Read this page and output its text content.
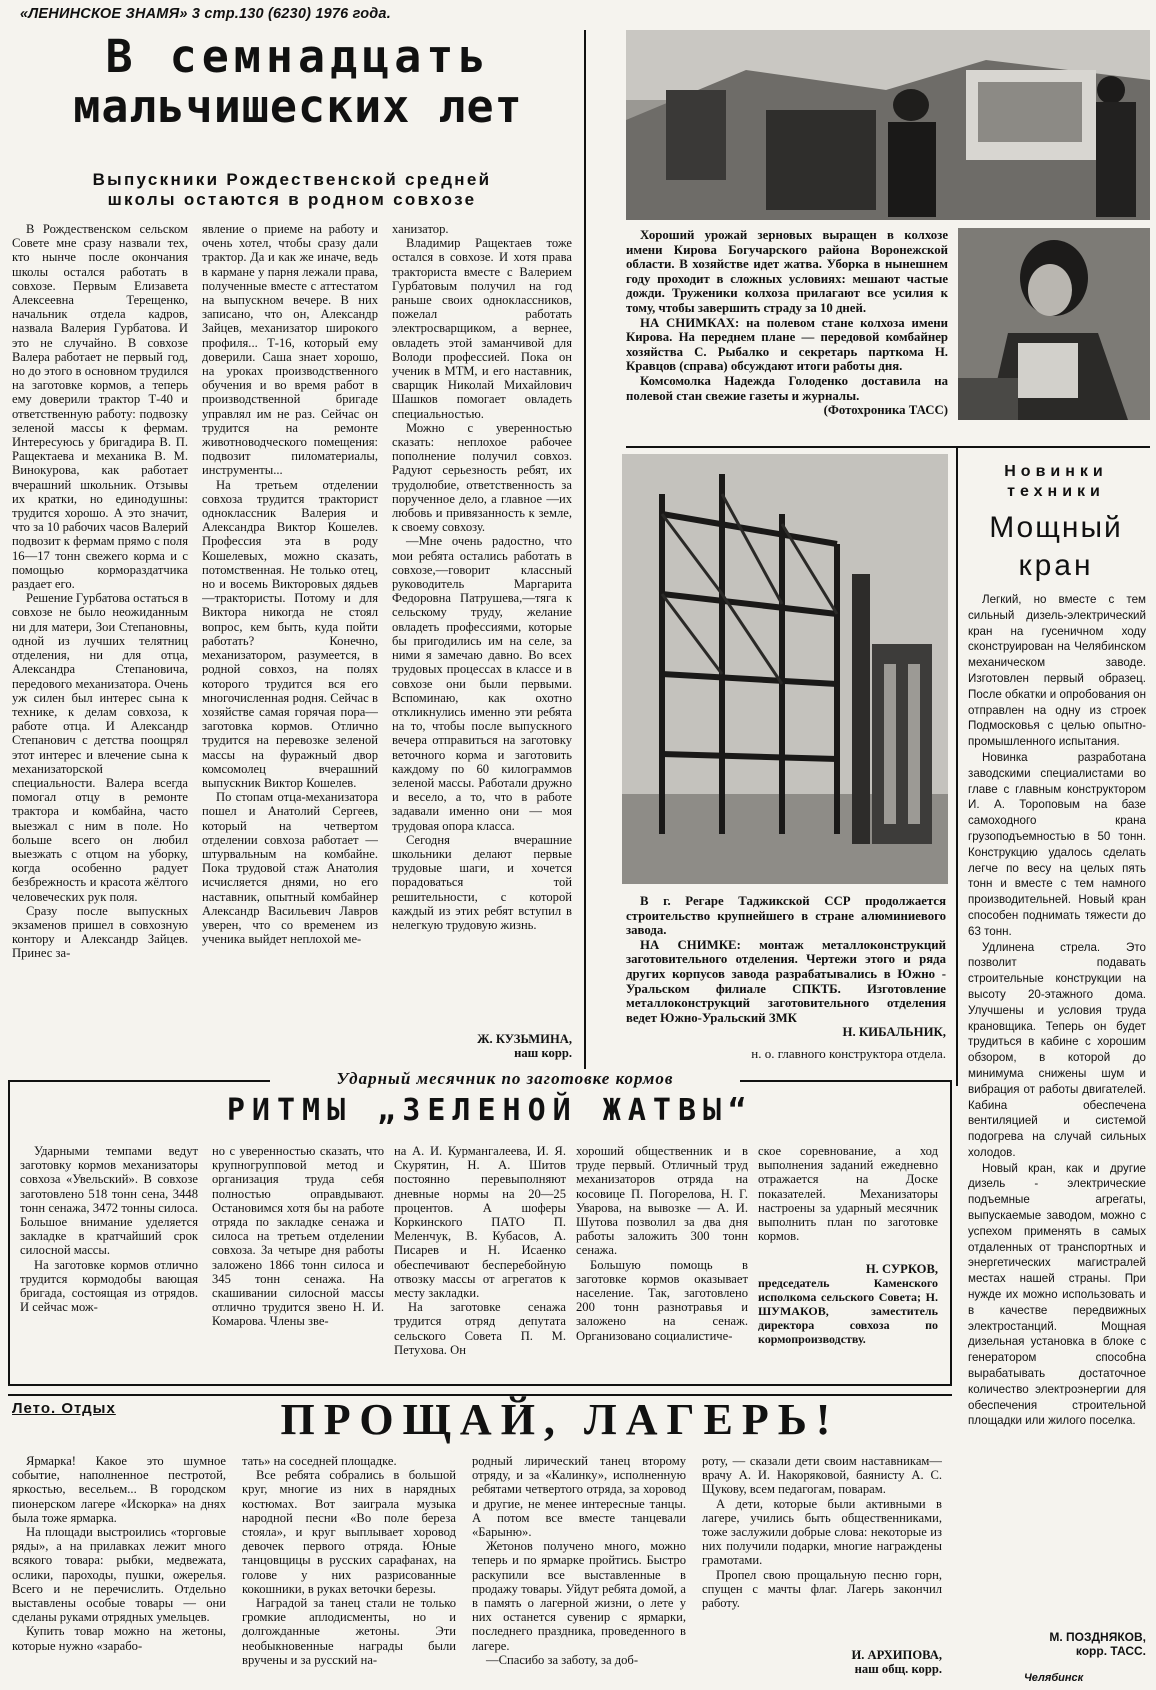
«ЛЕНИНСКОЕ ЗНАМЯ» 3 стр.130 (6230) 1976 года.
В семнадцать
мальчишеских лет
Выпускники Рождественской средней
школы остаются в родном совхозе

В Рождественском сельском Совете мне сразу назвали тех, кто нынче после окончания школы остался работать в совхозе. Первым Елизавета Алексеевна Терещенко, начальник отдела кадров, назвала Валерия Гурбатова. И это не случайно. В совхозе Валера работает не первый год, но до этого в основном трудился на заготовке кормов, а теперь ему доверили трактор Т-40 и ответственную работу: подвозку зеленой массы к фермам. Интересуюсь у бригадира В. П. Ращектаева и механика В. М. Винокурова, как работает вчерашний школьник. Отзывы их кратки, но единодушны: трудится хорошо. А это значит, что за 10 рабочих часов Валерий подвозит к фермам прямо с поля 16—17 тонн свежего корма и с помощью кормораздатчика раздает его.

Решение Гурбатова остаться в совхозе не было неожиданным ни для матери, Зои Степановны, одной из лучших телятниц отделения, ни для отца, Александра Степановича, передового механизатора. Очень уж силен был интерес сына к технике, к делам совхоза, к работе отца. И Александр Степанович с детства поощрял этот интерес и влечение сына к механизаторской специальности. Валера всегда помогал отцу в ремонте трактора и комбайна, часто выезжал с ним в поле. Но больше всего он любил выезжать с отцом на уборку, когда особенно радует безбрежность и красота жёлтого человеческих рук поля.

Сразу после выпускных экзаменов пришел в совхозную контору и Александр Зайцев. Принес за-

явление о приеме на работу и очень хотел, чтобы сразу дали трактор. Да и как же иначе, ведь в кармане у парня лежали права, полученные вместе с аттестатом на выпускном вечере. В них записано, что он, Александр Зайцев, механизатор широкого профиля... Т-16, который ему доверили. Саша знает хорошо, на уроках производственного обучения и во время работ в производственной бригаде управлял им не раз. Сейчас он трудится на ремонте животноводческого помещения: подвозит пиломатериалы, инструменты...

На третьем отделении совхоза трудится тракторист одноклассник Валерия и Александра Виктор Кошелев. Профессия эта в роду Кошелевых, можно сказать, потомственная. Не только отец, но и восемь Викторовых дядьев—трактористы. Потому и для Виктора никогда не стоял вопрос, кем быть, куда пойти работать? Конечно, механизатором, разумеется, в родной совхоз, на полях которого трудится вся его многочисленная родня. Сейчас в хозяйстве самая горячая пора— заготовка кормов. Отлично трудится на перевозке зеленой массы на фуражный двор комсомолец вчерашний выпускник Виктор Кошелев.

По стопам отца-механизатора пошел и Анатолий Сергеев, который на четвертом отделении совхоза работает — штурвальным на комбайне. Пока трудовой стаж Анатолия исчисляется днями, но его наставник, опытный комбайнер Александр Васильевич Лавров уверен, что со временем из ученика выйдет неплохой ме-

ханизатор.

Владимир Ращектаев тоже остался в совхозе. И хотя права тракториста вместе с Валерием Гурбатовым получил на год раньше своих одноклассников, пожелал работать электросварщиком, а вернее, овладеть этой заманчивой для Володи профессией. Пока он ученик в МТМ, и его наставник, сварщик Николай Михайлович Шашков помогает овладеть специальностью.

Можно с уверенностью сказать: неплохое рабочее пополнение получил совхоз. Радуют серьезность ребят, их трудолюбие, ответственность за порученное дело, а главное —их любовь и привязанность к земле, к своему совхозу.

—Мне очень радостно, что мои ребята остались работать в совхозе,—говорит классный руководитель Маргарита Федоровна Патрушева,—тяга к сельскому труду, желание овладеть профессиями, которые бы пригодились им на селе, за ними я замечаю давно. Во всех трудовых процессах в классе и в совхозе они были первыми. Вспоминаю, как охотно откликнулись именно эти ребята на то, чтобы после выпускного вечера отправиться на заготовку веточного корма и заготовить каждому по 60 килограммов зеленой массы. Работали дружно и весело, а то, что в работе задавали именно они — моя трудовая опора класса.

Сегодня вчерашние школьники делают первые трудовые шаги, и хочется порадоваться той решительности, с которой каждый из этих ребят вступил в нелегкую трудовую жизнь.

Ж. КУЗЬМИНА,
наш корр.

Хороший урожай зерновых выращен в колхозе имени Кирова Богучарского района Воронежской области. В хозяйстве идет жатва. Уборка в нынешнем году проходит в сложных условиях: мешают частые дожди. Труженики колхоза прилагают все усилия к тому, чтобы завершить страду за 10 дней.

НА СНИМКАХ: на полевом стане колхоза имени Кирова. На переднем плане — передовой комбайнер хозяйства С. Рыбалко и секретарь парткома Н. Кравцов (справа) обсуждают итоги работы дня.

Комсомолка Надежда Голоденко доставила на полевой стан свежие газеты и журналы.

(Фотохроника ТАСС)

В г. Регаре Таджикской ССР продолжается строительство крупнейшего в стране алюминиевого завода.

НА СНИМКЕ: монтаж металлоконструкций заготовительного отделения. Чертежи этого и ряда других корпусов завода разрабатывались в Южно - Уральском филиале СПКТБ. Изготовление металлоконструкций заготовительного отделения ведет Южно-Уральский ЗМК

Н. КИБАЛЬНИК,
н. о. главного конструктора отдела.
Новинки
техники
Мощный
кран

Легкий, но вместе с тем сильный дизель-электрический кран на гусеничном ходу сконструирован на Челябинском механическом заводе. Изготовлен первый образец. После обкатки и опробования он отправлен на одну из строек Подмосковья с целью опытно-промышленного испытания.

Новинка разработана заводскими специалистами во главе с главным конструктором И. А. Тороповым на базе самоходного крана грузоподъемностью в 50 тонн. Конструкцию удалось сделать легче по весу на целых пять тонн и вместе с тем намного производительней. Новый кран способен поднимать тяжести до 63 тонн.

Удлинена стрела. Это позволит подавать строительные конструкции на высоту 20-этажного дома. Улучшены и условия труда крановщика. Теперь он будет трудиться в кабине с хорошим обзором, в которой до минимума снижены шум и вибрация от работы двигателей. Кабина обеспечена вентиляцией и системой подогрева на случай сильных холодов.

Новый кран, как и другие дизель - электрические подъемные агрегаты, выпускаемые заводом, можно с успехом применять в самых отдаленных от транспортных и энергетических магистралей местах нашей страны. При нужде их можно использовать и в качестве передвижных электростанций. Мощная дизельная установка в блоке с генератором способна вырабатывать достаточное количество электроэнергии для обеспечения строительной площадки или жилого поселка.

М. ПОЗДНЯКОВ,
корр. ТАСС.
Челябинск
Ударный месячник по заготовке кормов
РИТМЫ „ЗЕЛЕНОЙ ЖАТВЫ“

Ударными темпами ведут заготовку кормов механизаторы совхоза «Увельский». В совхозе заготовлено 518 тонн сена, 3448 тонн сенажа, 3472 тонны силоса. Большое внимание уделяется закладке в кратчайший срок силосной массы.

На заготовке кормов отлично трудится кормодобы вающая бригада, состоящая из отрядов. И сейчас мож-

но с уверенностью сказать, что крупногрупповой метод и организация труда себя полностью оправдывают. Остановимся хотя бы на работе отряда по закладке сенажа и силоса на третьем отделении совхоза. За четыре дня работы заложено 1866 тонн силоса и 345 тонн сенажа. На скашивании силосной массы отлично трудится звено Н. И. Комарова. Члены зве-

на А. И. Курмангалеева, И. Я. Скурятин, Н. А. Шитов постоянно перевыполняют дневные нормы на 20—25 процентов. А шоферы Коркинского ПАТО П. Меленчук, В. Кубасов, А. Писарев и Н. Исаенко обеспечивают бесперебойную отвозку массы от агрегатов к месту закладки.

На заготовке сенажа трудится отряд депутата сельского Совета П. М. Петухова. Он

хороший общественник и в труде первый. Отличный труд механизаторов отряда на косовице П. Погорелова, Н. Г. Уварова, на вывозке — А. И. Шутова позволил за два дня работы заложить 300 тонн сенажа.

Большую помощь в заготовке кормов оказывает население. Так, заготовлено 200 тонн разнотравья и заложено на сенаж. Организовано социалистиче-

ское соревнование, а ход выполнения заданий ежедневно отражается на Доске показателей. Механизаторы настроены за ударный месячник выполнить план по заготовке кормов.

Н. СУРКОВ,
председатель Каменского исполкома сельского Совета; Н. ШУМАКОВ, заместитель директора совхоза по кормопроизводству.
Лето. Отдых	ПРОЩАЙ, ЛАГЕРЬ!

Ярмарка! Какое это шумное событие, наполненное пестротой, яркостью, весельем... В городском пионерском лагере «Искорка» на днях была тоже ярмарка.

На площади выстроились «торговые ряды», а на прилавках лежит много всякого товара: рыбки, медвежата, ослики, пароходы, пушки, ожерелья. Всего и не перечислить. Отдельно выставлены особые товары — они сделаны руками отрядных умельцев.

Купить товар можно на жетоны, которые нужно «зарабо-

тать» на соседней площадке.

Все ребята собрались в большой круг, многие из них в нарядных костюмах. Вот заиграла музыка народной песни «Во поле береза стояла», и круг выплывает хоровод девочек первого отряда. Юные танцовщицы в русских сарафанах, на голове у них разрисованные кокошники, в руках веточки березы.

Наградой за танец стали не только громкие аплодисменты, но и долгожданные жетоны. Эти необыкновенные награды были вручены и за русский на-

родный лирический танец второму отряду, и за «Калинку», исполненную ребятами четвертого отряда, за хоровод и другие, не менее интересные танцы. А потом все вместе танцевали «Барыню».

Жетонов получено много, можно теперь и по ярмарке пройтись. Быстро раскупили все выставленные в продажу товары. Уйдут ребята домой, а в память о лагерной жизни, о лете у них останется сувенир с ярмарки, последнего праздника, проведенного в лагере.

—Спасибо за заботу, за доб-

роту, — сказали дети своим наставникам— врачу А. И. Накоряковой, баянисту А. С. Щукову, всем педагогам, поварам.

А дети, которые были активными в лагере, учились быть общественниками, тоже заслужили добрые слова: некоторые из них получили подарки, многие награждены грамотами.

Пропел свою прощальную песню горн, спущен с мачты флаг. Лагерь закончил работу.

И. АРХИПОВА,
наш общ. корр.
